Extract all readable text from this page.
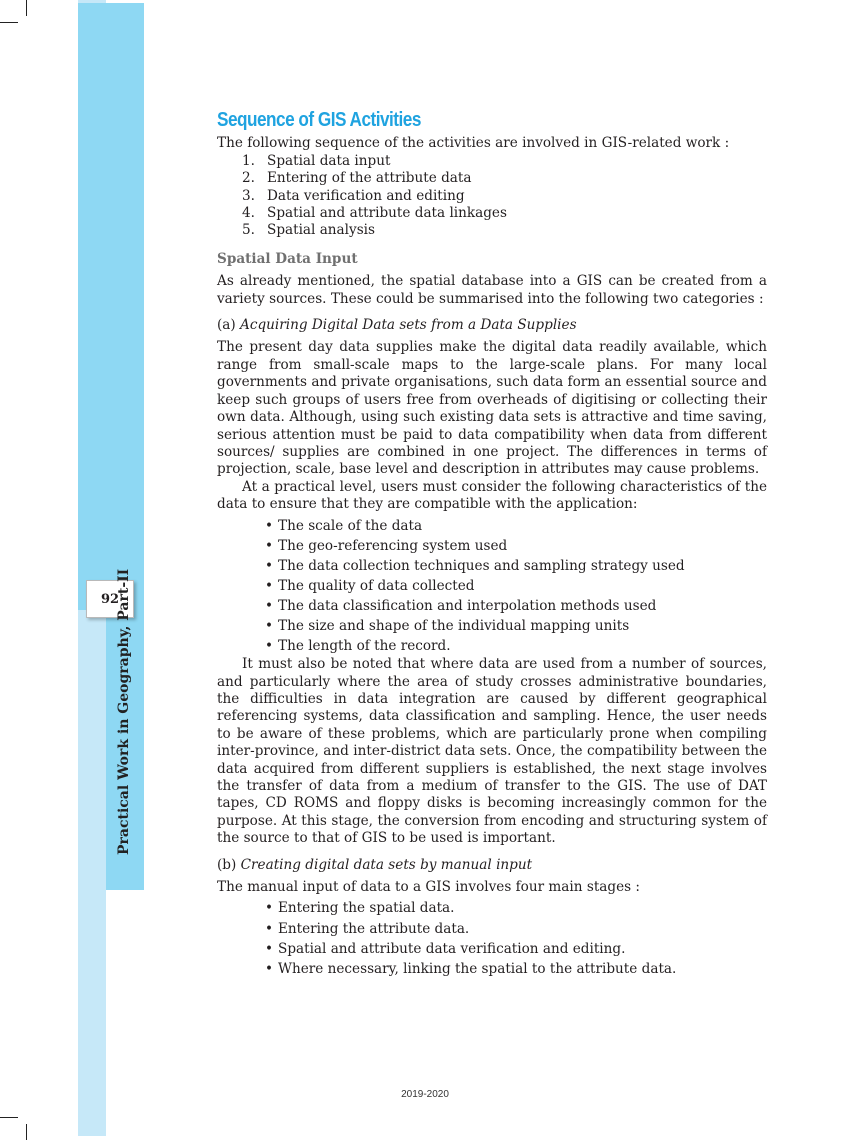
92
Practical Work in Geography, Part-II
Sequence of GIS Activities

The following sequence of the activities are involved in GIS-related work :

1. Spatial data input
2. Entering of the attribute data
3. Data verification and editing
4. Spatial and attribute data linkages
5. Spatial analysis
Spatial Data Input

As already mentioned, the spatial database into a GIS can be created from a variety sources. These could be summarised into the following two categories :

(a) Acquiring Digital Data sets from a Data Supplies

The present day data supplies make the digital data readily available, which range from small-scale maps to the large-scale plans. For many local governments and private organisations, such data form an essential source and keep such groups of users free from overheads of digitising or collecting their own data. Although, using such existing data sets is attractive and time saving, serious attention must be paid to data compatibility when data from different sources/ supplies are combined in one project. The differences in terms of projection, scale, base level and description in attributes may cause problems.

At a practical level, users must consider the following characteristics of the data to ensure that they are compatible with the application:

• The scale of the data
• The geo-referencing system used
• The data collection techniques and sampling strategy used
• The quality of data collected
• The data classification and interpolation methods used
• The size and shape of the individual mapping units
• The length of the record.

It must also be noted that where data are used from a number of sources, and particularly where the area of study crosses administrative boundaries, the difficulties in data integration are caused by different geographical referencing systems, data classification and sampling. Hence, the user needs to be aware of these problems, which are particularly prone when compiling inter-province, and inter-district data sets. Once, the compatibility between the data acquired from different suppliers is established, the next stage involves the transfer of data from a medium of transfer to the GIS. The use of DAT tapes, CD ROMS and floppy disks is becoming increasingly common for the purpose. At this stage, the conversion from encoding and structuring system of the source to that of GIS to be used is important.

(b) Creating digital data sets by manual input

The manual input of data to a GIS involves four main stages :

• Entering the spatial data.
• Entering the attribute data.
• Spatial and attribute data verification and editing.
• Where necessary, linking the spatial to the attribute data.
2019-2020
